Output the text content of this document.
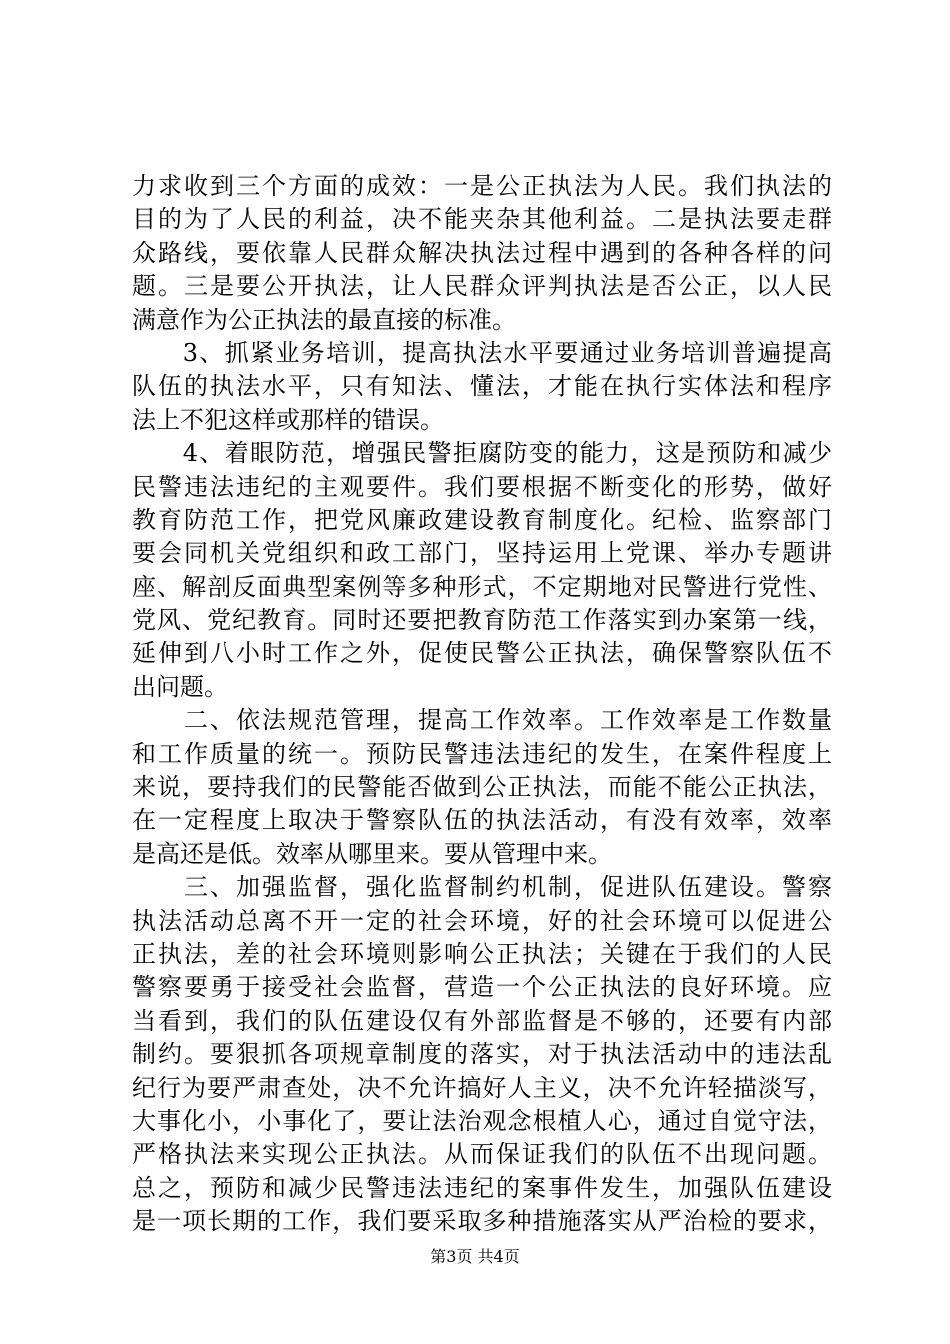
力求收到三个方面的成效：一是公正执法为人民。我们执法的
目的为了人民的利益，决不能夹杂其他利益。二是执法要走群
众路线，要依靠人民群众解决执法过程中遇到的各种各样的问
题。三是要公开执法，让人民群众评判执法是否公正，以人民
满意作为公正执法的最直接的标准。
　　3、抓紧业务培训，提高执法水平要通过业务培训普遍提高
队伍的执法水平，只有知法、懂法，才能在执行实体法和程序
法上不犯这样或那样的错误。
　　4、着眼防范，增强民警拒腐防变的能力，这是预防和减少
民警违法违纪的主观要件。我们要根据不断变化的形势，做好
教育防范工作，把党风廉政建设教育制度化。纪检、监察部门
要会同机关党组织和政工部门，坚持运用上党课、举办专题讲
座、解剖反面典型案例等多种形式，不定期地对民警进行党性、
党风、党纪教育。同时还要把教育防范工作落实到办案第一线，
延伸到八小时工作之外，促使民警公正执法，确保警察队伍不
出问题。
　　二、依法规范管理，提高工作效率。工作效率是工作数量
和工作质量的统一。预防民警违法违纪的发生，在案件程度上
来说，要持我们的民警能否做到公正执法，而能不能公正执法，
在一定程度上取决于警察队伍的执法活动，有没有效率，效率
是高还是低。效率从哪里来。要从管理中来。
　　三、加强监督，强化监督制约机制，促进队伍建设。警察
执法活动总离不开一定的社会环境，好的社会环境可以促进公
正执法，差的社会环境则影响公正执法；关键在于我们的人民
警察要勇于接受社会监督，营造一个公正执法的良好环境。应
当看到，我们的队伍建设仅有外部监督是不够的，还要有内部
制约。要狠抓各项规章制度的落实，对于执法活动中的违法乱
纪行为要严肃查处，决不允许搞好人主义，决不允许轻描淡写，
大事化小，小事化了，要让法治观念根植人心，通过自觉守法，
严格执法来实现公正执法。从而保证我们的队伍不出现问题。
总之，预防和减少民警违法违纪的案事件发生，加强队伍建设
是一项长期的工作，我们要采取多种措施落实从严治检的要求，
第3页 共4页
